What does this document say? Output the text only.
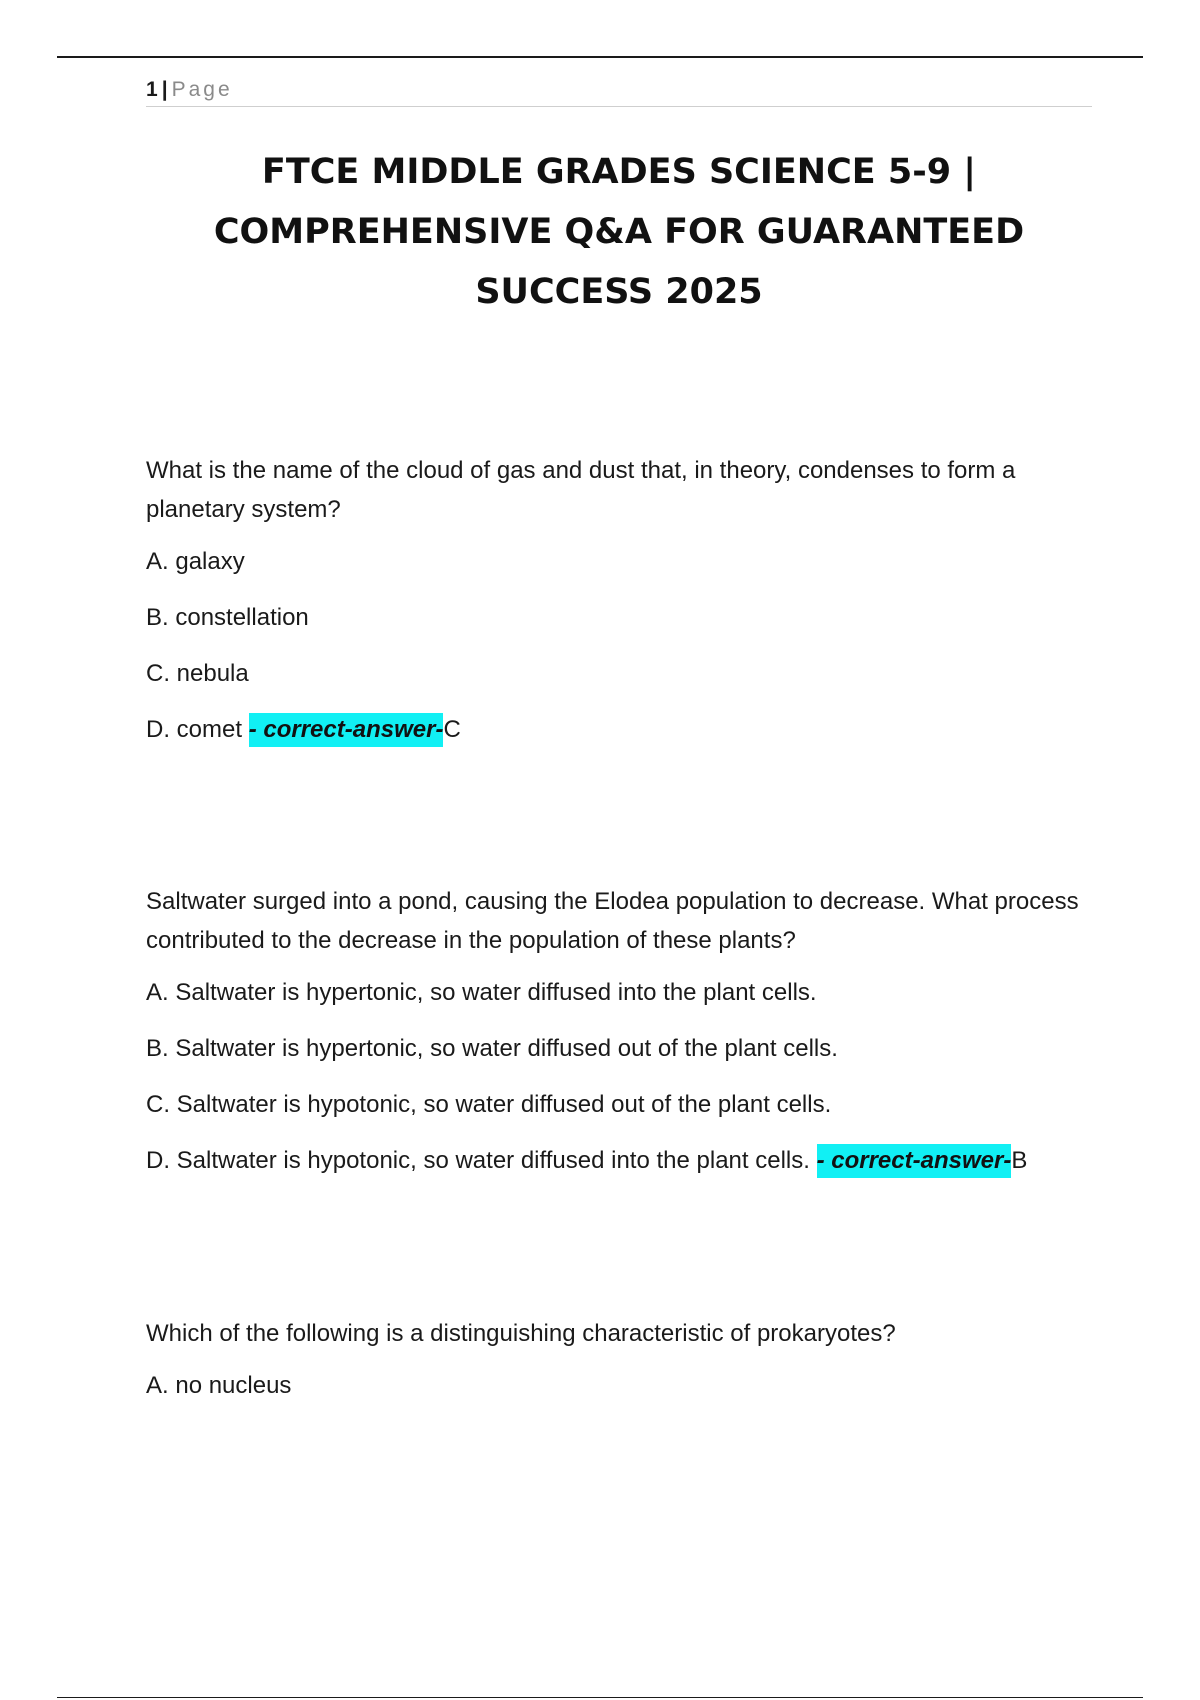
1 | Page
FTCE MIDDLE GRADES SCIENCE 5-9 |
COMPREHENSIVE Q&A FOR GUARANTEED
SUCCESS 2025

What is the name of the cloud of gas and dust that, in theory, condenses to form a planetary system?

A. galaxy

B. constellation

C. nebula

D. comet - correct-answer-C

Saltwater surged into a pond, causing the Elodea population to decrease. What process contributed to the decrease in the population of these plants?

A. Saltwater is hypertonic, so water diffused into the plant cells.

B. Saltwater is hypertonic, so water diffused out of the plant cells.

C. Saltwater is hypotonic, so water diffused out of the plant cells.

D. Saltwater is hypotonic, so water diffused into the plant cells. - correct-answer-B

Which of the following is a distinguishing characteristic of prokaryotes?

A. no nucleus
